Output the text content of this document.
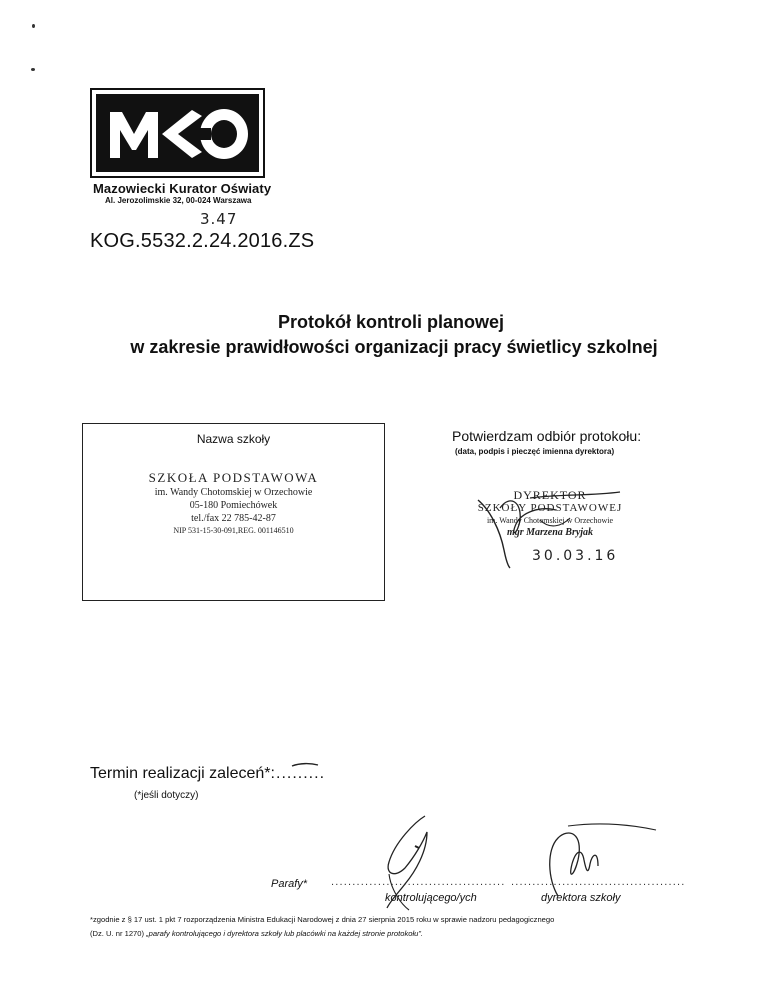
Mazowiecki Kurator Oświaty
Al. Jerozolimskie 32, 00-024 Warszawa
3.47
KOG.5532.2.24.2016.ZS
Protokół kontroli planowej
w zakresie prawidłowości organizacji pracy świetlicy szkolnej
Nazwa szkoły
SZKOŁA PODSTAWOWA
im. Wandy Chotomskiej w Orzechowie
05-180 Pomiechówek
tel./fax 22 785-42-87
NIP 531-15-30-091,REG. 001146510
Potwierdzam odbiór protokołu:
(data, podpis i pieczęć imienna dyrektora)
DYREKTOR
SZKOŁY PODSTAWOWEJ
im. Wandy Chotomskiej w Orzechowie
mgr Marzena Bryjak
30.03.16
Termin realizacji zaleceń*: .........
(*jeśli dotyczy)
Parafy* ......................................... .........................................
kontrolującego/ych	dyrektora szkoły
*zgodnie z § 17 ust. 1 pkt 7 rozporządzenia Ministra Edukacji Narodowej z dnia 27 sierpnia 2015 roku w sprawie nadzoru pedagogicznego
(Dz. U. nr 1270) „parafy kontrolującego i dyrektora szkoły lub placówki na każdej stronie protokołu”.
